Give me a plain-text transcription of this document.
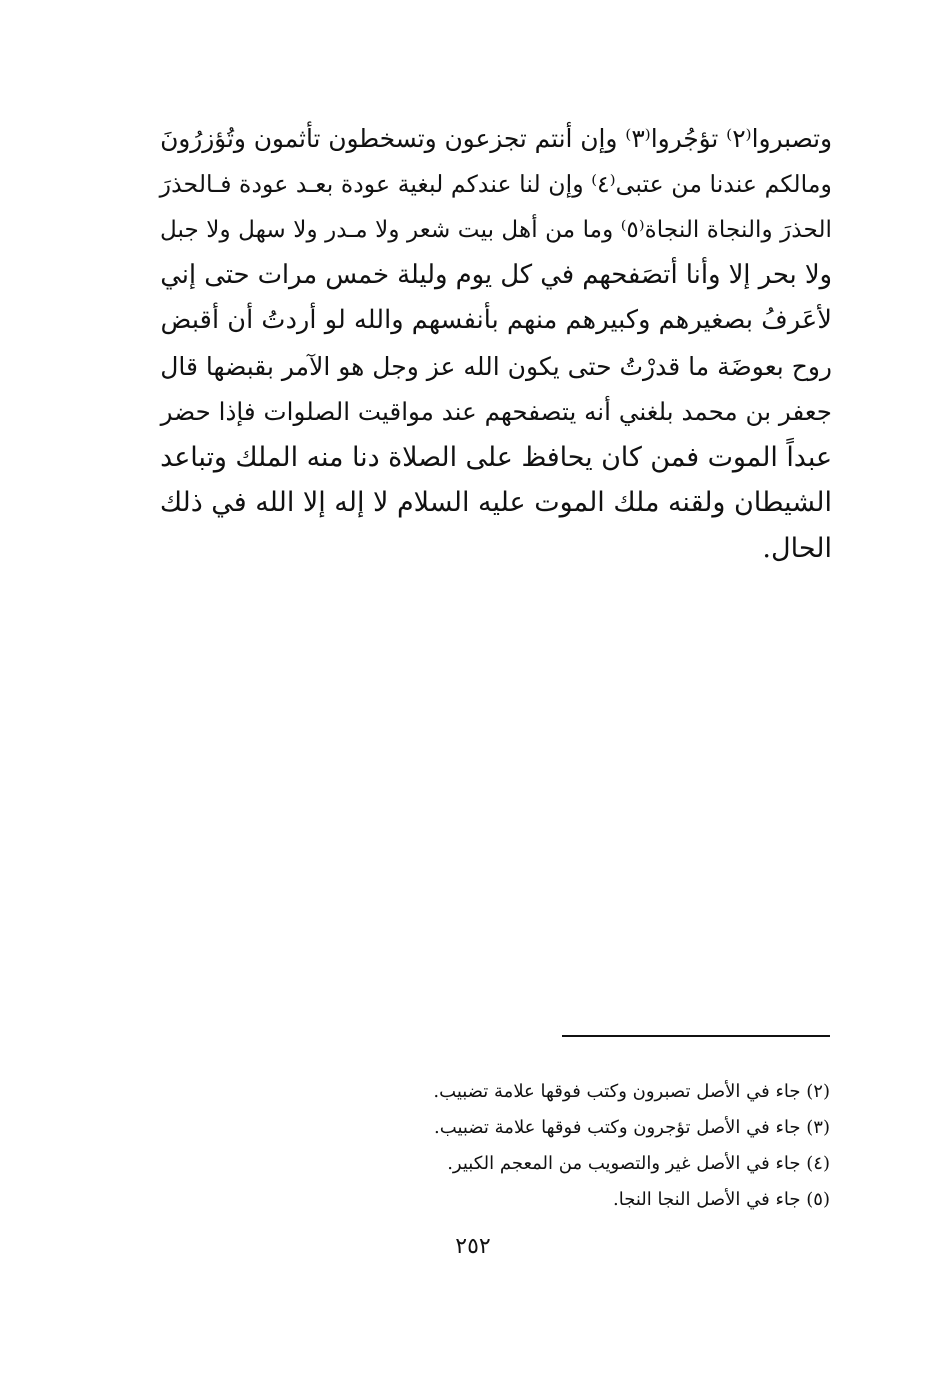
وتصبروا⁽٢⁾ تؤجُروا⁽٣⁾ وإن أنتم تجزعون وتسخطون تأثمون وتُؤزرُونَ
ومالكم عندنا من عتبى⁽٤⁾ وإن لنا عندكم لبغية عودة بعـد عودة فـالحذرَ
الحذرَ والنجاة النجاة⁽٥⁾ وما من أهل بيت شعر ولا مـدر ولا سهل ولا جبل
ولا بحر إلا وأنا أتصَفحهم في كل يوم وليلة خمس مرات حتى إني
لأعَرفُ بصغيرهم وكبيرهم منهم بأنفسهم والله لو أردتُ أن أقبض
روح بعوضَة ما قدرْتُ حتى يكون الله عز وجل هو الآمر بقبضها قال
جعفر بن محمد بلغني أنه يتصفحهم عند مواقيت الصلوات فإذا حضر
عبداً الموت فمن كان يحافظ على الصلاة دنا منه الملك وتباعد
الشيطان ولقنه ملك الموت عليه السلام لا إله إلا الله في ذلك
الحال.
(٢) جاء في الأصل تصبرون وكتب فوقها علامة تضبيب.
(٣) جاء في الأصل تؤجرون وكتب فوقها علامة تضبيب.
(٤) جاء في الأصل غير والتصويب من المعجم الكبير.
(٥) جاء في الأصل النجا النجا.
٢٥٢
